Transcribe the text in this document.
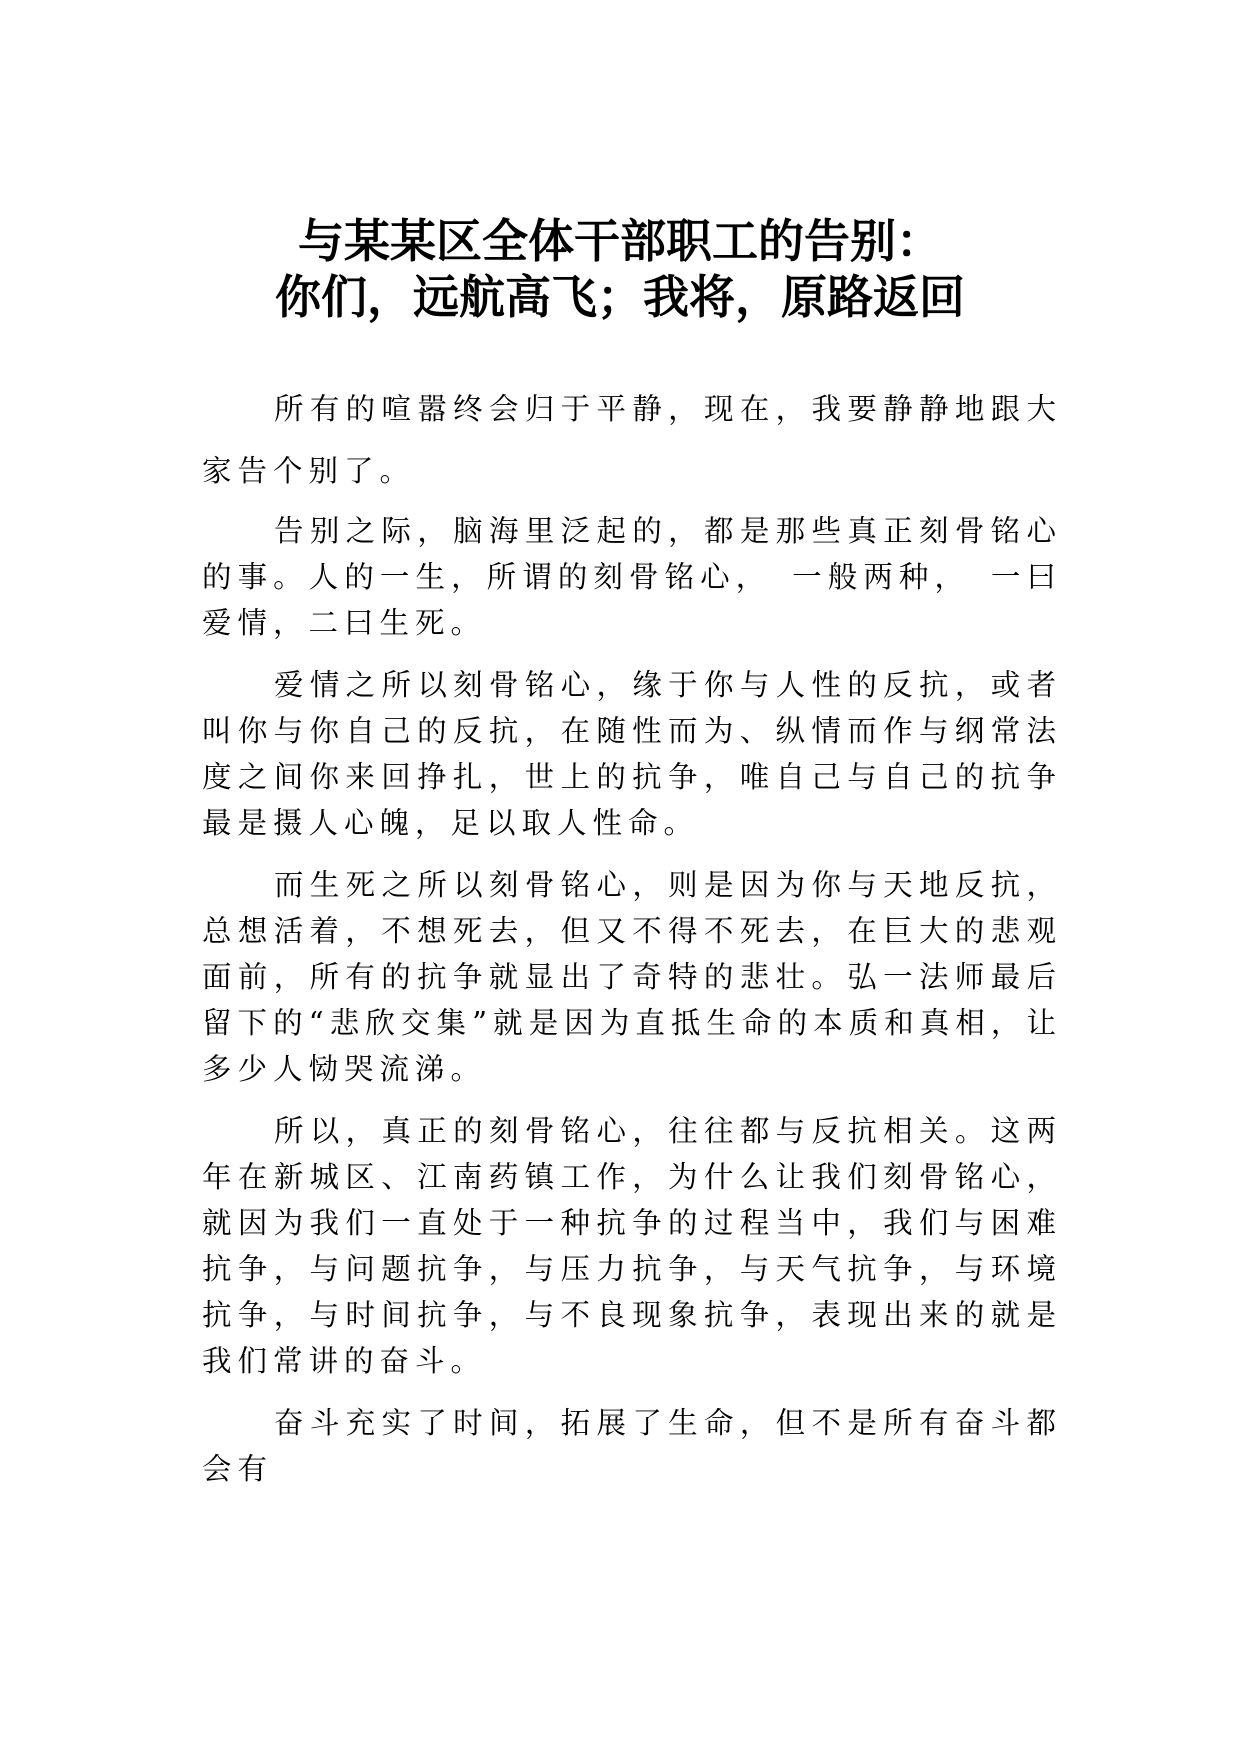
与某某区全体干部职工的告别：
你们，远航高飞；我将，原路返回

所有的喧嚣终会归于平静，现在，我要静静地跟大家告个别了。

告别之际，脑海里泛起的，都是那些真正刻骨铭心的事。人的一生，所谓的刻骨铭心，　一般两种，　一曰爱情，二曰生死。

爱情之所以刻骨铭心，缘于你与人性的反抗，或者叫你与你自己的反抗，在随性而为、纵情而作与纲常法度之间你来回挣扎，世上的抗争，唯自己与自己的抗争最是摄人心魄，足以取人性命。

而生死之所以刻骨铭心，则是因为你与天地反抗，总想活着，不想死去，但又不得不死去，在巨大的悲观面前，所有的抗争就显出了奇特的悲壮。弘一法师最后留下的“悲欣交集”就是因为直抵生命的本质和真相，让多少人恸哭流涕。

所以，真正的刻骨铭心，往往都与反抗相关。这两年在新城区、江南药镇工作，为什么让我们刻骨铭心，就因为我们一直处于一种抗争的过程当中，我们与困难抗争，与问题抗争，与压力抗争，与天气抗争，与环境抗争，与时间抗争，与不良现象抗争，表现出来的就是我们常讲的奋斗。

奋斗充实了时间，拓展了生命，但不是所有奋斗都会有
